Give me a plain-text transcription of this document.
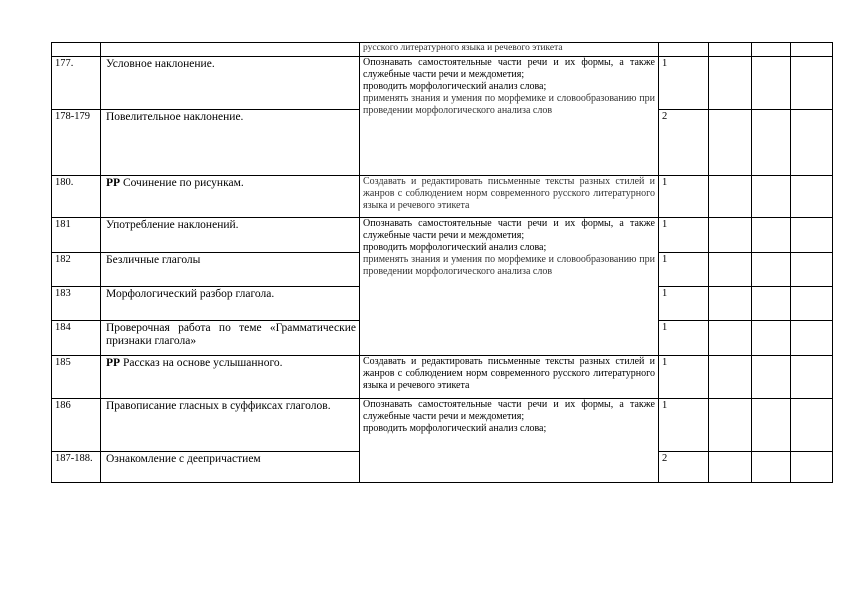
		русского литературного языка и речевого этикета				
177.	Условное наклонение.	Опознавать самостоятельные части речи и их формы, а также служебные части речи и междометия;
проводить морфологический анализ слова;
применять знания и умения по морфемике и словообразованию при проведении морфологического анализа слов	1			
178-179	Повелительное наклонение.		2			
180.	РР Сочинение по рисункам.	Создавать и редактировать письменные тексты разных стилей и жанров с соблюдением норм современного русского литературного языка и речевого этикета	1			
181	Употребление наклонений.	Опознавать самостоятельные части речи и их формы, а также служебные части речи и междометия;
проводить морфологический анализ слова;
применять знания и умения по морфемике и словообразованию при проведении морфологического анализа слов	1			
182	Безличные глаголы		1			
183	Морфологический разбор глагола.		1			
184	Проверочная работа по теме «Грамматические признаки глагола»		1			
185	РР Рассказ на основе услышанного.	Создавать и редактировать письменные тексты разных стилей и жанров с соблюдением норм современного русского литературного языка и речевого этикета	1			
186	Правописание гласных в суффиксах глаголов.	Опознавать самостоятельные части речи и их формы, а также служебные части речи и междометия;
проводить морфологический анализ слова;	1			
187-188.	Ознакомление с деепричастием		2			
